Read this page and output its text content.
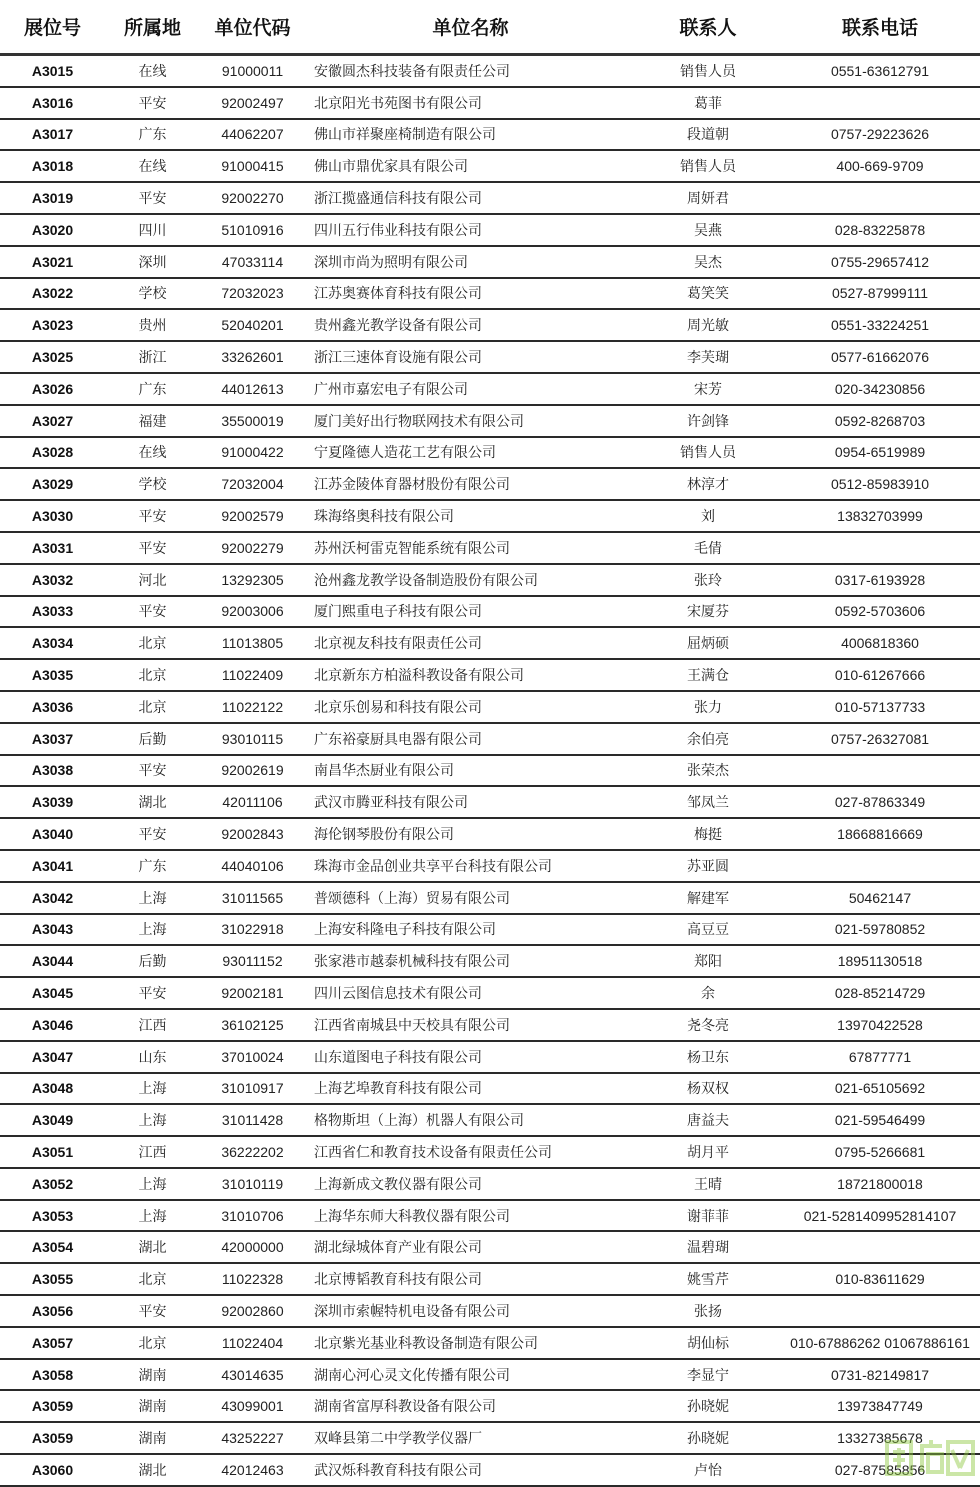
展位号	所属地	单位代码	单位名称	联系人	联系电话
A3015	在线	91000011	安徽圆杰科技装备有限责任公司	销售人员	0551-63612791
A3016	平安	92002497	北京阳光书苑图书有限公司	葛菲	
A3017	广东	44062207	佛山市祥聚座椅制造有限公司	段道朝	0757-29223626
A3018	在线	91000415	佛山市鼎优家具有限公司	销售人员	400-669-9709
A3019	平安	92002270	浙江揽盛通信科技有限公司	周妍君	
A3020	四川	51010916	四川五行伟业科技有限公司	吴燕	028-83225878
A3021	深圳	47033114	深圳市尚为照明有限公司	吴杰	0755-29657412
A3022	学校	72032023	江苏奥赛体育科技有限公司	葛笑笑	0527-87999111
A3023	贵州	52040201	贵州鑫光教学设备有限公司	周光敏	0551-33224251
A3025	浙江	33262601	浙江三速体育设施有限公司	李芙瑚	0577-61662076
A3026	广东	44012613	广州市嘉宏电子有限公司	宋芳	020-34230856
A3027	福建	35500019	厦门美好出行物联网技术有限公司	许剑锋	0592-8268703
A3028	在线	91000422	宁夏隆德人造花工艺有限公司	销售人员	0954-6519989
A3029	学校	72032004	江苏金陵体育器材股份有限公司	林淳才	0512-85983910
A3030	平安	92002579	珠海络奥科技有限公司	刘	13832703999
A3031	平安	92002279	苏州沃柯雷克智能系统有限公司	毛倩	
A3032	河北	13292305	沧州鑫龙教学设备制造股份有限公司	张玲	0317-6193928
A3033	平安	92003006	厦门熙重电子科技有限公司	宋厦芬	0592-5703606
A3034	北京	11013805	北京视友科技有限责任公司	屈炳硕	4006818360
A3035	北京	11022409	北京新东方柏溢科教设备有限公司	王满仓	010-61267666
A3036	北京	11022122	北京乐创易和科技有限公司	张力	010-57137733
A3037	后勤	93010115	广东裕豪厨具电器有限公司	余伯亮	0757-26327081
A3038	平安	92002619	南昌华杰厨业有限公司	张荣杰	
A3039	湖北	42011106	武汉市腾亚科技有限公司	邹凤兰	027-87863349
A3040	平安	92002843	海伦钢琴股份有限公司	梅挺	18668816669
A3041	广东	44040106	珠海市金品创业共享平台科技有限公司	苏亚圆	
A3042	上海	31011565	普颂德科（上海）贸易有限公司	解建军	50462147
A3043	上海	31022918	上海安科隆电子科技有限公司	高豆豆	021-59780852
A3044	后勤	93011152	张家港市越泰机械科技有限公司	郑阳	18951130518
A3045	平安	92002181	四川云图信息技术有限公司	余	028-85214729
A3046	江西	36102125	江西省南城县中天校具有限公司	尧冬亮	13970422528
A3047	山东	37010024	山东道图电子科技有限公司	杨卫东	67877771
A3048	上海	31010917	上海艺埠教育科技有限公司	杨双权	021-65105692
A3049	上海	31011428	格物斯坦（上海）机器人有限公司	唐益夫	021-59546499
A3051	江西	36222202	江西省仁和教育技术设备有限责任公司	胡月平	0795-5266681
A3052	上海	31010119	上海新成文教仪器有限公司	王晴	18721800018
A3053	上海	31010706	上海华东师大科教仪器有限公司	谢菲菲	021-5281409952814107
A3054	湖北	42000000	湖北绿城体育产业有限公司	温碧瑚	
A3055	北京	11022328	北京博韬教育科技有限公司	姚雪芹	010-83611629
A3056	平安	92002860	深圳市索幄特机电设备有限公司	张扬	
A3057	北京	11022404	北京紫光基业科教设备制造有限公司	胡仙标	010-67886262 01067886161
A3058	湖南	43014635	湖南心河心灵文化传播有限公司	李显宁	0731-82149817
A3059	湖南	43099001	湖南省富厚科教设备有限公司	孙晓妮	13973847749
A3059	湖南	43252227	双峰县第二中学教学仪器厂	孙晓妮	13327385678
A3060	湖北	42012463	武汉烁科教育科技有限公司	卢怡	027-87585856
